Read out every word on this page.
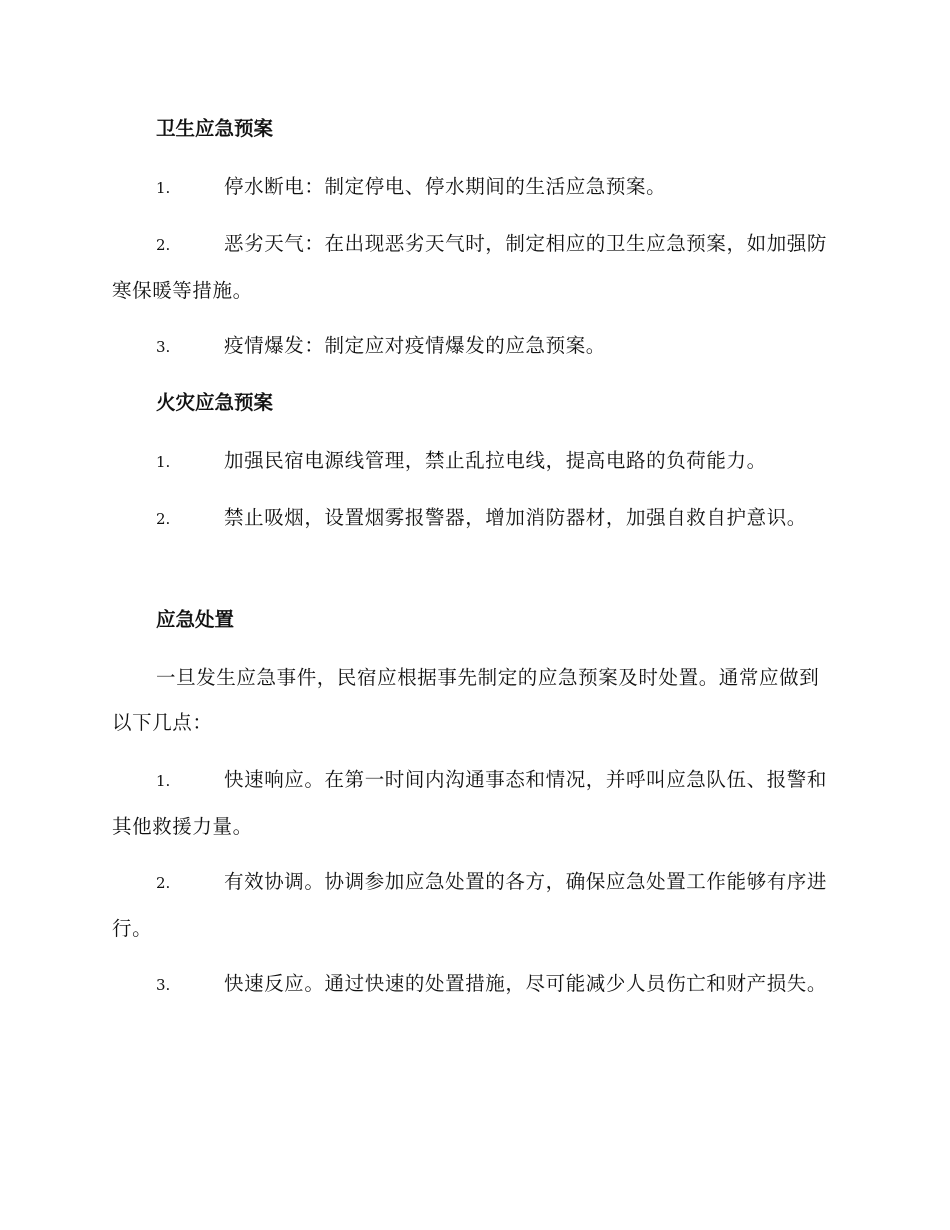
卫生应急预案
1.	停水断电：制定停电、停水期间的生活应急预案。
2.	恶劣天气：在出现恶劣天气时，制定相应的卫生应急预案，如加强防寒保暖等措施。
3.	疫情爆发：制定应对疫情爆发的应急预案。
火灾应急预案
1.	加强民宿电源线管理，禁止乱拉电线，提高电路的负荷能力。
2.	禁止吸烟，设置烟雾报警器，增加消防器材，加强自救自护意识。
应急处置
一旦发生应急事件，民宿应根据事先制定的应急预案及时处置。通常应做到以下几点：
1.	快速响应。在第一时间内沟通事态和情况，并呼叫应急队伍、报警和其他救援力量。
2.	有效协调。协调参加应急处置的各方，确保应急处置工作能够有序进行。
3.	快速反应。通过快速的处置措施，尽可能减少人员伤亡和财产损失。
